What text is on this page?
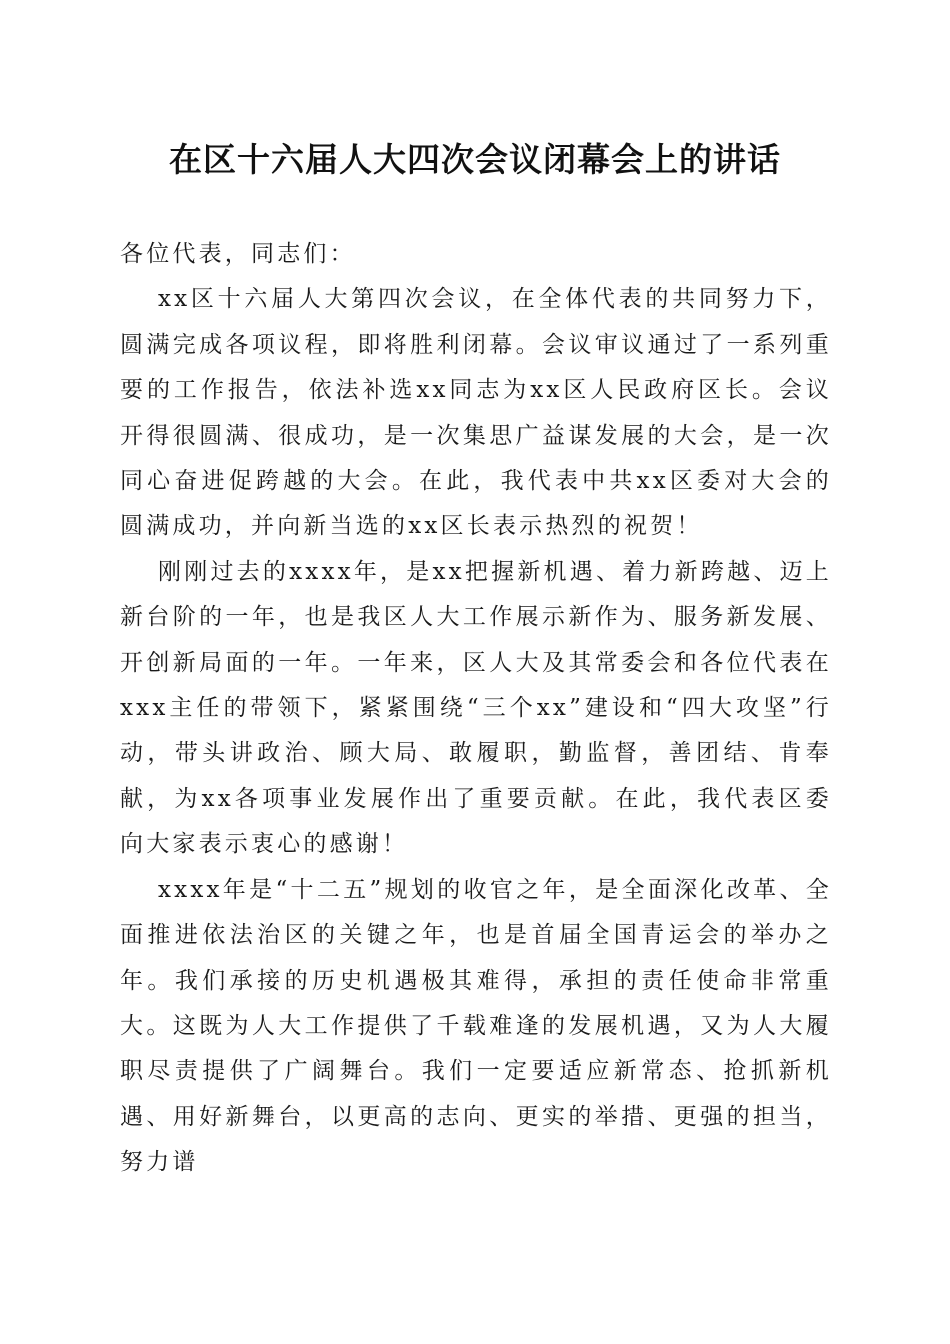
在区十六届人大四次会议闭幕会上的讲话

各位代表，同志们：

xx区十六届人大第四次会议，在全体代表的共同努力下，圆满完成各项议程，即将胜利闭幕。会议审议通过了一系列重要的工作报告，依法补选xx同志为xx区人民政府区长。会议开得很圆满、很成功，是一次集思广益谋发展的大会，是一次同心奋进促跨越的大会。在此，我代表中共xx区委对大会的圆满成功，并向新当选的xx区长表示热烈的祝贺！

刚刚过去的xxxx年，是xx把握新机遇、着力新跨越、迈上新台阶的一年，也是我区人大工作展示新作为、服务新发展、开创新局面的一年。一年来，区人大及其常委会和各位代表在xxx主任的带领下，紧紧围绕“三个xx”建设和“四大攻坚”行动，带头讲政治、顾大局、敢履职，勤监督，善团结、肯奉献，为xx各项事业发展作出了重要贡献。在此，我代表区委向大家表示衷心的感谢！

xxxx年是“十二五”规划的收官之年，是全面深化改革、全面推进依法治区的关键之年，也是首届全国青运会的举办之年。我们承接的历史机遇极其难得，承担的责任使命非常重大。这既为人大工作提供了千载难逢的发展机遇，又为人大履职尽责提供了广阔舞台。我们一定要适应新常态、抢抓新机遇、用好新舞台，以更高的志向、更实的举措、更强的担当，努力谱
